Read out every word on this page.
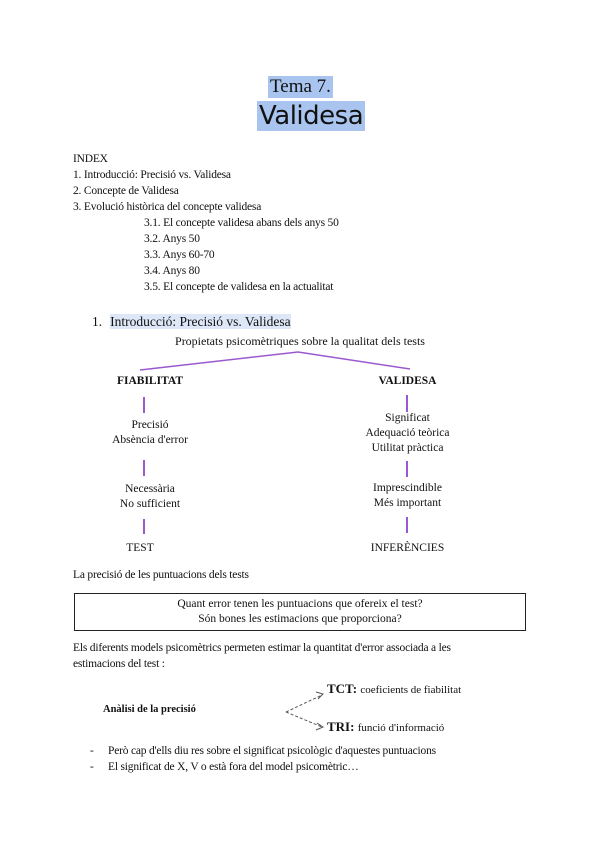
Tema 7.
Validesa
INDEX
1. Introducció: Precisió vs. Validesa
2. Concepte de Validesa
3. Evolució històrica del concepte validesa
3.1. El concepte validesa abans dels anys 50
3.2. Anys 50
3.3. Anys 60-70
3.4. Anys 80
3.5. El concepte de validesa en la actualitat
1. Introducció: Precisió vs. Validesa
Propietats psicomètriques sobre la qualitat dels tests
FIABILITAT
Precisió
Absència d'error
Necessària
No sufficient
TEST
VALIDESA
Significat
Adequació teòrica
Utilitat pràctica
Imprescindible
Més important
INFERÈNCIES
La precisió de les puntuacions dels tests
Quant error tenen les puntuacions que ofereix el test?
Són bones les estimacions que proporciona?
Els diferents models psicomètrics permeten estimar la quantitat d'error associada a les
estimacions del test :
Anàlisi de la precisió
TCT: coeficients de fiabilitat
TRI: funció d'informació
- Però cap d'ells diu res sobre el significat psicològic d'aquestes puntuacions
- El significat de X, V o està fora del model psicomètric…
